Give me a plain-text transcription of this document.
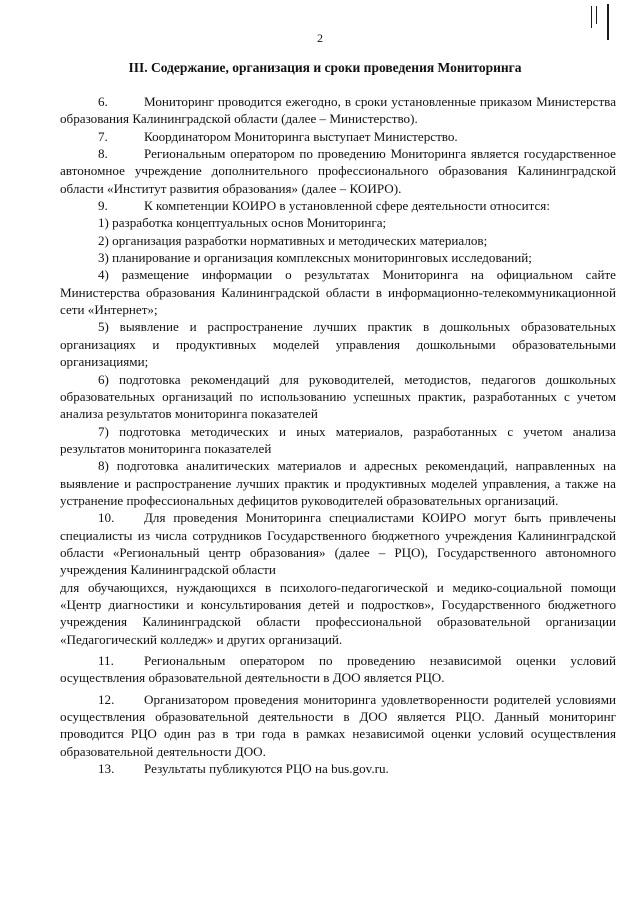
2
III. Содержание, организация и сроки проведения Мониторинга

6.	Мониторинг проводится ежегодно, в сроки установленные приказом Министерства образования Калининградской области (далее – Министерство).

7.	Координатором Мониторинга выступает Министерство.

8.	Региональным оператором по проведению Мониторинга является государственное автономное учреждение дополнительного профессионального образования Калининградской области «Институт развития образования» (далее – КОИРО).

9.	К компетенции КОИРО в установленной сфере деятельности относится:

1) разработка концептуальных основ Мониторинга;

2) организация разработки нормативных и методических материалов;

3) планирование и организация комплексных мониторинговых исследований;

4) размещение информации о результатах Мониторинга на официальном сайте Министерства образования Калининградской области в информационно-телекоммуникационной сети «Интернет»;

5) выявление и распространение лучших практик в дошкольных образовательных организациях и продуктивных моделей управления дошкольными образовательными организациями;

6) подготовка рекомендаций для руководителей, методистов, педагогов дошкольных образовательных организаций по использованию успешных практик, разработанных с учетом анализа результатов мониторинга показателей

7) подготовка методических и иных материалов, разработанных с учетом анализа результатов мониторинга показателей

8) подготовка аналитических материалов и адресных рекомендаций, направленных на выявление и распространение лучших практик и продуктивных моделей управления, а также на устранение профессиональных дефицитов руководителей образовательных организаций.

10. Для проведения Мониторинга специалистами КОИРО могут быть привлечены специалисты из числа сотрудников Государственного бюджетного учреждения Калининградской области «Региональный центр образования» (далее – РЦО), Государственного автономного учреждения Калининградской области

для обучающихся, нуждающихся в психолого-педагогической и медико-социальной помощи «Центр диагностики и консультирования детей и подростков», Государственного бюджетного учреждения Калининградской области профессиональной образовательной организации «Педагогический колледж» и других организаций.

11. Региональным оператором по проведению независимой оценки условий осуществления образовательной деятельности в ДОО является РЦО.

12. Организатором проведения мониторинга удовлетворенности родителей условиями осуществления образовательной деятельности в ДОО является РЦО. Данный мониторинг проводится РЦО один раз в три года в рамках независимой оценки условий осуществления образовательной деятельности ДОО.

13. Результаты публикуются РЦО на bus.gov.ru.
